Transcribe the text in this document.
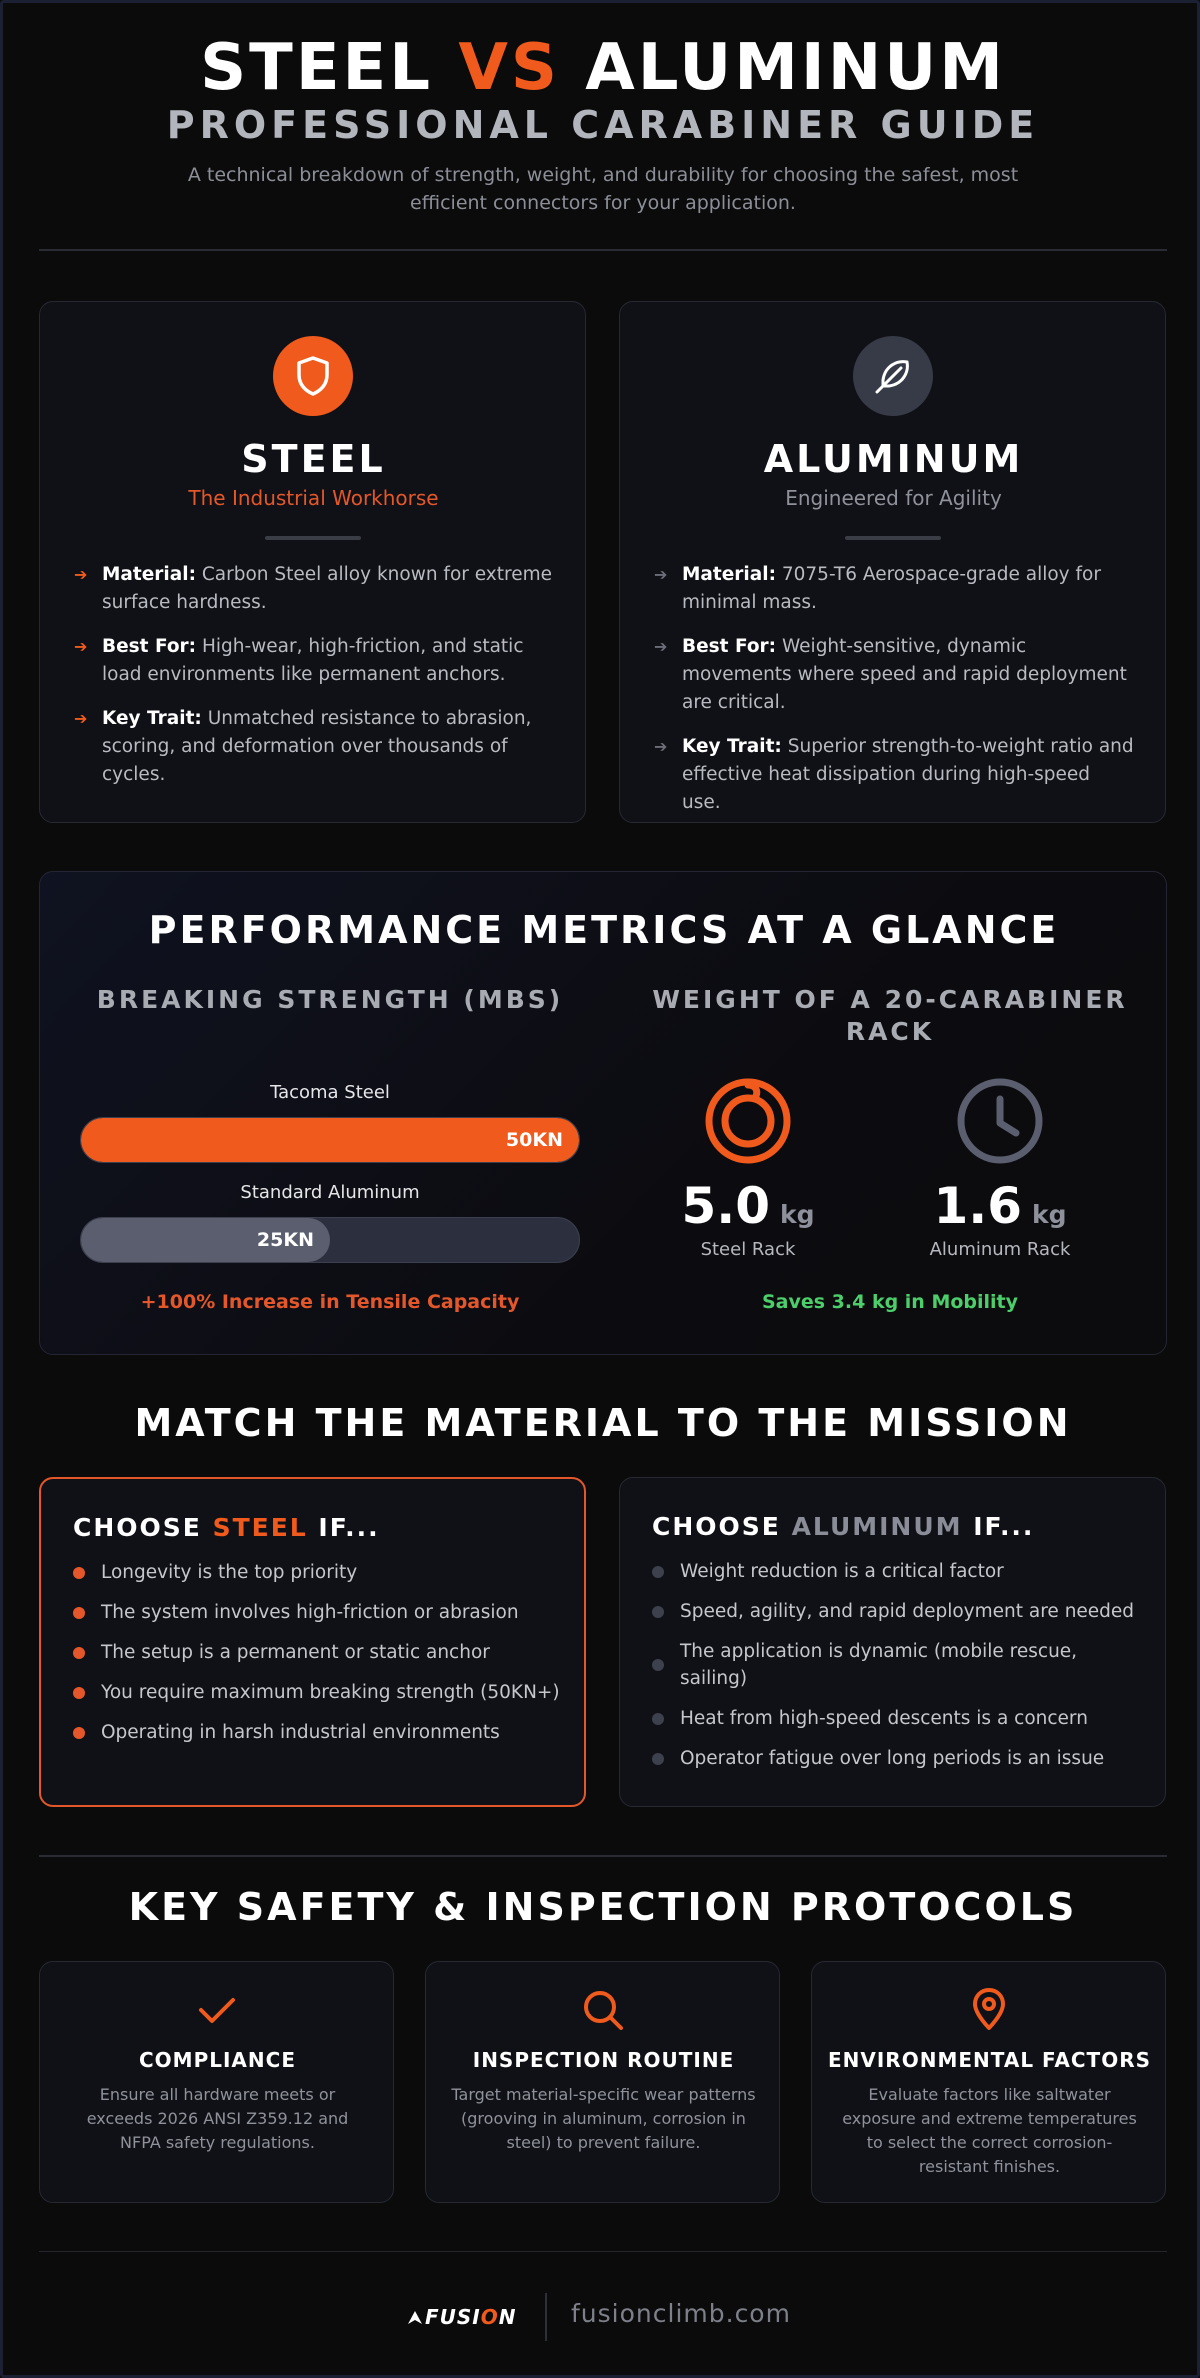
STEEL VS ALUMINUM
PROFESSIONAL CARABINER GUIDE
A technical breakdown of strength, weight, and durability for choosing the safest, most efficient connectors for your application.
STEEL
The Industrial Workhorse
➔ Material: Carbon Steel alloy known for extreme surface hardness.
➔ Best For: High-wear, high-friction, and static load environments like permanent anchors.
➔ Key Trait: Unmatched resistance to abrasion, scoring, and deformation over thousands of cycles.
ALUMINUM
Engineered for Agility
➔ Material: 7075-T6 Aerospace-grade alloy for minimal mass.
➔ Best For: Weight-sensitive, dynamic movements where speed and rapid deployment are critical.
➔ Key Trait: Superior strength-to-weight ratio and effective heat dissipation during high-speed use.
PERFORMANCE METRICS AT A GLANCE
BREAKING STRENGTH (MBS)
Tacoma Steel
50KN
Standard Aluminum
25KN
+100% Increase in Tensile Capacity
WEIGHT OF A 20-CARABINER RACK
5.0 kg	1.6 kg
Steel Rack	Aluminum Rack
Saves 3.4 kg in Mobility
MATCH THE MATERIAL TO THE MISSION
CHOOSE STEEL IF...
Longevity is the top priority
The system involves high-friction or abrasion
The setup is a permanent or static anchor
You require maximum breaking strength (50KN+)
Operating in harsh industrial environments
CHOOSE ALUMINUM IF...
Weight reduction is a critical factor
Speed, agility, and rapid deployment are needed
The application is dynamic (mobile rescue, sailing)
Heat from high-speed descents is a concern
Operator fatigue over long periods is an issue
KEY SAFETY & INSPECTION PROTOCOLS
COMPLIANCE
Ensure all hardware meets or exceeds 2026 ANSI Z359.12 and NFPA safety regulations.
INSPECTION ROUTINE
Target material-specific wear patterns (grooving in aluminum, corrosion in steel) to prevent failure.
ENVIRONMENTAL FACTORS
Evaluate factors like saltwater exposure and extreme temperatures to select the correct corrosion-resistant finishes.
FUSION fusionclimb.com
